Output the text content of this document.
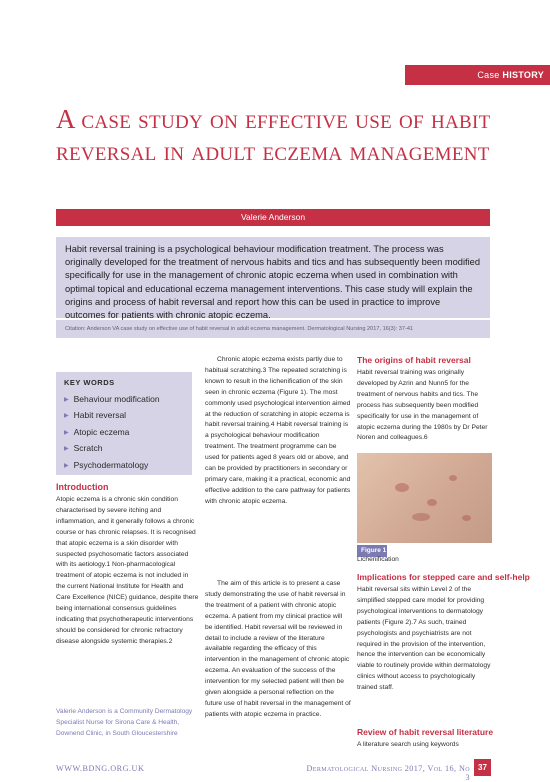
Case HISTORY
A case study on effective use of habit reversal in adult eczema management
Valerie Anderson
Habit reversal training is a psychological behaviour modification treatment. The process was originally developed for the treatment of nervous habits and tics and has subsequently been modified specifically for use in the management of chronic atopic eczema when used in combination with optimal topical and educational eczema management interventions. This case study will explain the origins and process of habit reversal and report how this can be used in practice to improve outcomes for patients with chronic atopic eczema.
Citation: Anderson VA case study on effective use of habit reversal in adult eczema management. Dermatological Nursing 2017, 16(3): 37-41
KEY WORDS
▶ Behaviour modification
▶ Habit reversal
▶ Atopic eczema
▶ Scratch
▶ Psychodermatology
Introduction

Atopic eczema is a chronic skin condition characterised by severe itching and inflammation, and it generally follows a chronic course or has chronic relapses. It is recognised that atopic eczema is a skin disorder with suspected psychosomatic factors associated with its aetiology.1 Non-pharmacological treatment of atopic eczema is not included in the current National Institute for Health and Care Excellence (NICE) guidance, despite there being international consensus guidelines indicating that psychotherapeutic interventions should be considered for chronic refractory disease alongside systemic therapies.2

Valerie Anderson is a Community Dermatology Specialist Nurse for Sirona Care & Health, Downend Clinic, in South Gloucestershire

Chronic atopic eczema exists partly due to habitual scratching.3 The repeated scratching is known to result in the lichenification of the skin seen in chronic eczema (Figure 1). The most commonly used psychological intervention aimed at the reduction of scratching in atopic eczema is habit reversal training.4 Habit reversal training is a psychological behaviour modification treatment. The treatment programme can be used for patients aged 8 years old or above, and can be provided by practitioners in secondary or primary care, making it a practical, economic and effective addition to the care pathway for patients with chronic atopic eczema.

The aim of this article is to present a case study demonstrating the use of habit reversal in the treatment of a patient with chronic atopic eczema. A patient from my clinical practice will be identified. Habit reversal will be reviewed in detail to include a review of the literature available regarding the efficacy of this intervention in the management of chronic atopic eczema. An evaluation of the success of the intervention for my selected patient will then be given alongside a personal reflection on the future use of habit reversal in the management of patients with atopic eczema in practice.

The origins of habit reversal

Habit reversal training was originally developed by Azrin and Nunn5 for the treatment of nervous habits and tics. The process has subsequently been modified specifically for use in the management of atopic eczema during the 1980s by Dr Peter Noren and colleagues.6

Figure 1
Lichenification
Implications for stepped care and self-help

Habit reversal sits within Level 2 of the simplified stepped care model for providing psychological interventions to dermatology patients (Figure 2).7 As such, trained psychologists and psychiatrists are not required in the provision of the intervention, hence the intervention can be economically viable to routinely provide within dermatology clinics without access to psychologically trained staff.

Review of habit reversal literature

A literature search using keywords

WWW.BDNG.ORG.UK	Dermatological Nursing 2017, Vol 16, No 3
37
